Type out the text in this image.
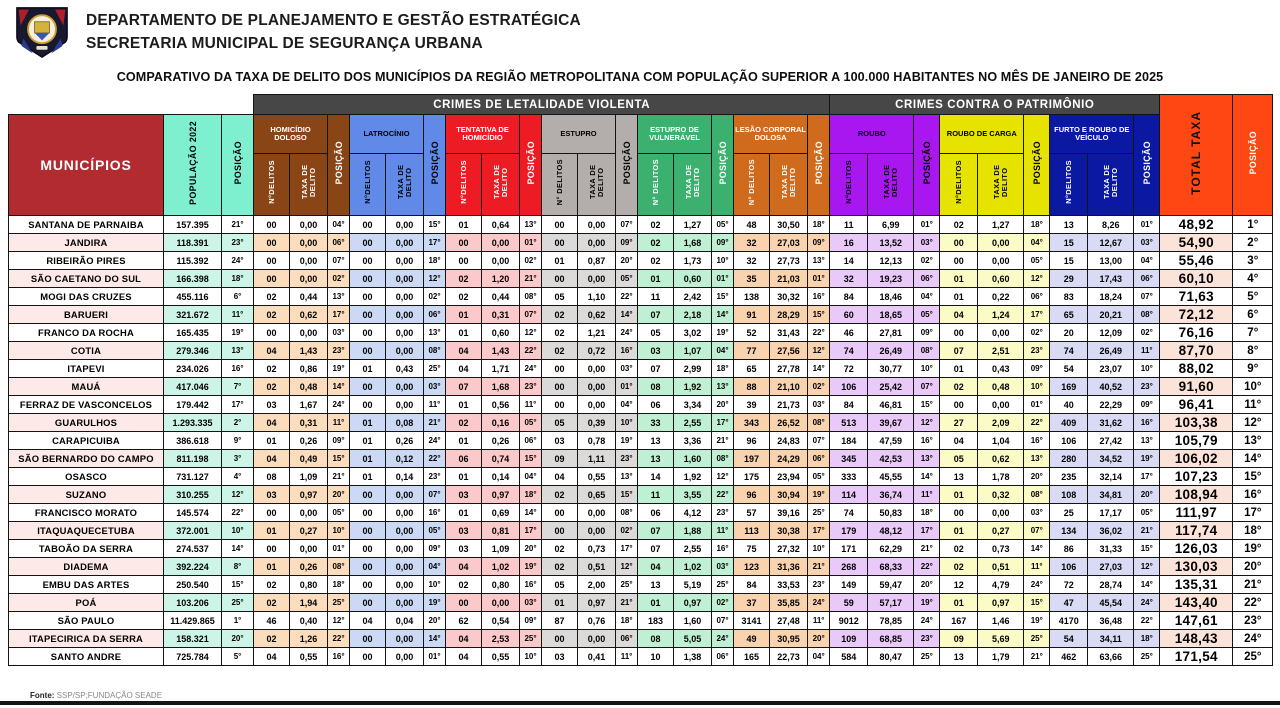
DEPARTAMENTO DE PLANEJAMENTO E GESTÃO ESTRATÉGICA
SECRETARIA MUNICIPAL DE SEGURANÇA URBANA
COMPARATIVO DA TAXA DE DELITO DOS MUNICÍPIOS DA REGIÃO METROPOLITANA COM POPULAÇÃO SUPERIOR A 100.000 HABITANTES NO MÊS DE JANEIRO DE 2025
			CRIMES DE LETALIDADE VIOLENTA																		CRIMES CONTRA O PATRIMÔNIO									TOTAL TAXA	POSIÇÃO
MUNICÍPIOS	POPULAÇÃO 2022	POSIÇÃO	HOMICÍDIO DOLOSO		POSIÇÃO	LATROCÍNIO		POSIÇÃO	TENTATIVA DE HOMICÍDIO		POSIÇÃO	ESTUPRO		POSIÇÃO	ESTUPRO DE VULNERÁVEL		POSIÇÃO	LESÃO CORPORAL DOLOSA		POSIÇÃO	ROUBO		POSIÇÃO	ROUBO DE CARGA		POSIÇÃO	FURTO E ROUBO DE VEÍCULO		POSIÇÃO		
			N°DELITOS	TAXA DE DELITO		N°DELITOS	TAXA DE DELITO		N°DELITOS	TAXA DE DELITO		N° DELITOS	TAXA DE DELITO		N° DELITOS	TAXA DE DELITO		N° DELITOS	TAXA DE DELITO		N°DELITOS	TAXA DE DELITO		N°DELITOS	TAXA DE DELITO		N°DELITOS	TAXA DE DELITO			
SANTANA DE PARNAIBA	157.395	21°	00	0,00	04°	00	0,00	15°	01	0,64	13°	00	0,00	07°	02	1,27	05°	48	30,50	18°	11	6,99	01°	02	1,27	18°	13	8,26	01°	48,92	1°
JANDIRA	118.391	23°	00	0,00	06°	00	0,00	17°	00	0,00	01°	00	0,00	09°	02	1,68	09°	32	27,03	09°	16	13,52	03°	00	0,00	04°	15	12,67	03°	54,90	2°
RIBEIRÃO PIRES	115.392	24°	00	0,00	07°	00	0,00	18°	00	0,00	02°	01	0,87	20°	02	1,73	10°	32	27,73	13°	14	12,13	02°	00	0,00	05°	15	13,00	04°	55,46	3°
SÃO CAETANO DO SUL	166.398	18°	00	0,00	02°	00	0,00	12°	02	1,20	21°	00	0,00	05°	01	0,60	01°	35	21,03	01°	32	19,23	06°	01	0,60	12°	29	17,43	06°	60,10	4°
MOGI DAS CRUZES	455.116	6°	02	0,44	13°	00	0,00	02°	02	0,44	08°	05	1,10	22°	11	2,42	15°	138	30,32	16°	84	18,46	04°	01	0,22	06°	83	18,24	07°	71,63	5°
BARUERI	321.672	11°	02	0,62	17°	00	0,00	06°	01	0,31	07°	02	0,62	14°	07	2,18	14°	91	28,29	15°	60	18,65	05°	04	1,24	17°	65	20,21	08°	72,12	6°
FRANCO DA ROCHA	165.435	19°	00	0,00	03°	00	0,00	13°	01	0,60	12°	02	1,21	24°	05	3,02	19°	52	31,43	22°	46	27,81	09°	00	0,00	02°	20	12,09	02°	76,16	7°
COTIA	279.346	13°	04	1,43	23°	00	0,00	08°	04	1,43	22°	02	0,72	16°	03	1,07	04°	77	27,56	12°	74	26,49	08°	07	2,51	23°	74	26,49	11°	87,70	8°
ITAPEVI	234.026	16°	02	0,86	19°	01	0,43	25°	04	1,71	24°	00	0,00	03°	07	2,99	18°	65	27,78	14°	72	30,77	10°	01	0,43	09°	54	23,07	10°	88,02	9°
MAUÁ	417.046	7°	02	0,48	14°	00	0,00	03°	07	1,68	23°	00	0,00	01°	08	1,92	13°	88	21,10	02°	106	25,42	07°	02	0,48	10°	169	40,52	23°	91,60	10°
FERRAZ DE VASCONCELOS	179.442	17°	03	1,67	24°	00	0,00	11°	01	0,56	11°	00	0,00	04°	06	3,34	20°	39	21,73	03°	84	46,81	15°	00	0,00	01°	40	22,29	09°	96,41	11°
GUARULHOS	1.293.335	2°	04	0,31	11°	01	0,08	21°	02	0,16	05°	05	0,39	10°	33	2,55	17°	343	26,52	08°	513	39,67	12°	27	2,09	22°	409	31,62	16°	103,38	12°
CARAPICUIBA	386.618	9°	01	0,26	09°	01	0,26	24°	01	0,26	06°	03	0,78	19°	13	3,36	21°	96	24,83	07°	184	47,59	16°	04	1,04	16°	106	27,42	13°	105,79	13°
SÃO BERNARDO DO CAMPO	811.198	3°	04	0,49	15°	01	0,12	22°	06	0,74	15°	09	1,11	23°	13	1,60	08°	197	24,29	06°	345	42,53	13°	05	0,62	13°	280	34,52	19°	106,02	14°
OSASCO	731.127	4°	08	1,09	21°	01	0,14	23°	01	0,14	04°	04	0,55	13°	14	1,92	12°	175	23,94	05°	333	45,55	14°	13	1,78	20°	235	32,14	17°	107,23	15°
SUZANO	310.255	12°	03	0,97	20°	00	0,00	07°	03	0,97	18°	02	0,65	15°	11	3,55	22°	96	30,94	19°	114	36,74	11°	01	0,32	08°	108	34,81	20°	108,94	16°
FRANCISCO MORATO	145.574	22°	00	0,00	05°	00	0,00	16°	01	0,69	14°	00	0,00	08°	06	4,12	23°	57	39,16	25°	74	50,83	18°	00	0,00	03°	25	17,17	05°	111,97	17°
ITAQUAQUECETUBA	372.001	10°	01	0,27	10°	00	0,00	05°	03	0,81	17°	00	0,00	02°	07	1,88	11°	113	30,38	17°	179	48,12	17°	01	0,27	07°	134	36,02	21°	117,74	18°
TABOÃO DA SERRA	274.537	14°	00	0,00	01°	00	0,00	09°	03	1,09	20°	02	0,73	17°	07	2,55	16°	75	27,32	10°	171	62,29	21°	02	0,73	14°	86	31,33	15°	126,03	19°
DIADEMA	392.224	8°	01	0,26	08°	00	0,00	04°	04	1,02	19°	02	0,51	12°	04	1,02	03°	123	31,36	21°	268	68,33	22°	02	0,51	11°	106	27,03	12°	130,03	20°
EMBU DAS ARTES	250.540	15°	02	0,80	18°	00	0,00	10°	02	0,80	16°	05	2,00	25°	13	5,19	25°	84	33,53	23°	149	59,47	20°	12	4,79	24°	72	28,74	14°	135,31	21°
POÁ	103.206	25°	02	1,94	25°	00	0,00	19°	00	0,00	03°	01	0,97	21°	01	0,97	02°	37	35,85	24°	59	57,17	19°	01	0,97	15°	47	45,54	24°	143,40	22°
SÃO PAULO	11.429.865	1°	46	0,40	12°	04	0,04	20°	62	0,54	09°	87	0,76	18°	183	1,60	07°	3141	27,48	11°	9012	78,85	24°	167	1,46	19°	4170	36,48	22°	147,61	23°
ITAPECIRICA DA SERRA	158.321	20°	02	1,26	22°	00	0,00	14°	04	2,53	25°	00	0,00	06°	08	5,05	24°	49	30,95	20°	109	68,85	23°	09	5,69	25°	54	34,11	18°	148,43	24°
SANTO ANDRE	725.784	5°	04	0,55	16°	00	0,00	01°	04	0,55	10°	03	0,41	11°	10	1,38	06°	165	22,73	04°	584	80,47	25°	13	1,79	21°	462	63,66	25°	171,54	25°
Fonte: SSP/SP;FUNDAÇÃO SEADE
